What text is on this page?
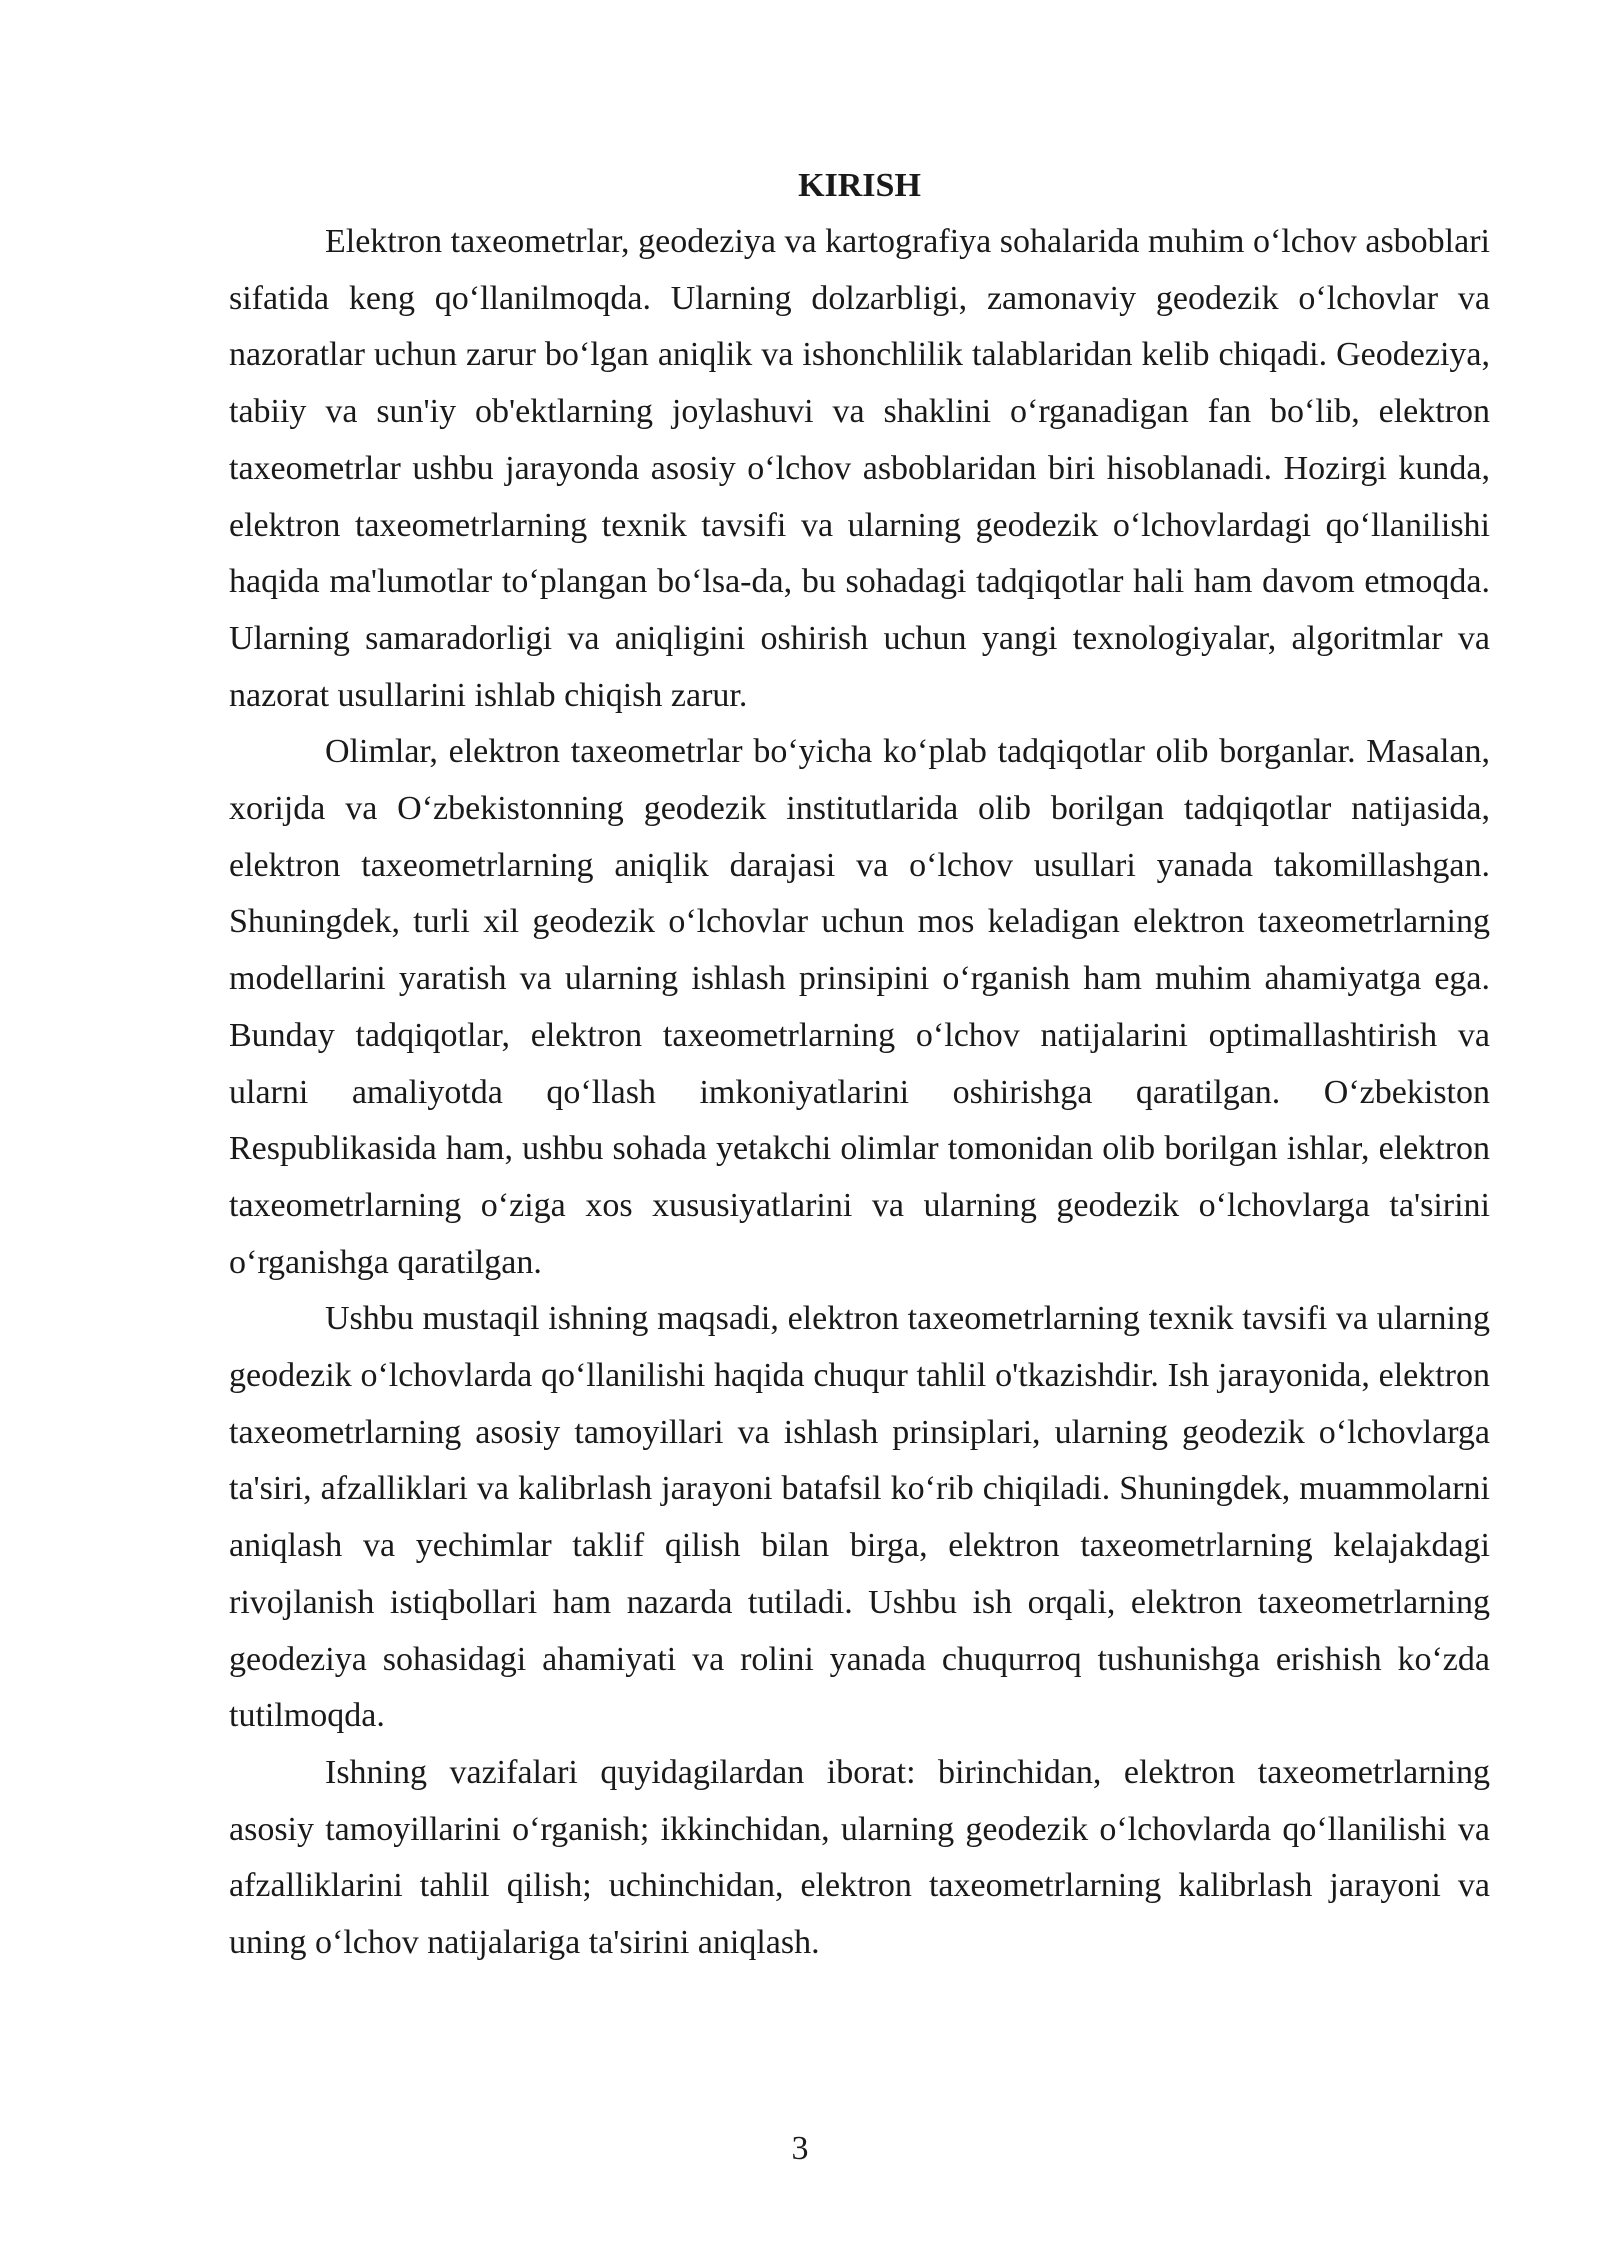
KIRISH

Elektron taxeometrlar, geodeziya va kartografiya sohalarida muhim o‘lchov asboblari sifatida keng qo‘llanilmoqda. Ularning dolzarbligi, zamonaviy geodezik o‘lchovlar va nazoratlar uchun zarur bo‘lgan aniqlik va ishonchlilik talablaridan kelib chiqadi. Geodeziya, tabiiy va sun'iy ob'ektlarning joylashuvi va shaklini o‘rganadigan fan bo‘lib, elektron taxeometrlar ushbu jarayonda asosiy o‘lchov asboblaridan biri hisoblanadi. Hozirgi kunda, elektron taxeometrlarning texnik tavsifi va ularning geodezik o‘lchovlardagi qo‘llanilishi haqida ma'lumotlar to‘plangan bo‘lsa-da, bu sohadagi tadqiqotlar hali ham davom etmoqda. Ularning samaradorligi va aniqligini oshirish uchun yangi texnologiyalar, algoritmlar va nazorat usullarini ishlab chiqish zarur.

Olimlar, elektron taxeometrlar bo‘yicha ko‘plab tadqiqotlar olib borganlar. Masalan, xorijda va O‘zbekistonning geodezik institutlarida olib borilgan tadqiqotlar natijasida, elektron taxeometrlarning aniqlik darajasi va o‘lchov usullari yanada takomillashgan. Shuningdek, turli xil geodezik o‘lchovlar uchun mos keladigan elektron taxeometrlarning modellarini yaratish va ularning ishlash prinsipini o‘rganish ham muhim ahamiyatga ega. Bunday tadqiqotlar, elektron taxeometrlarning o‘lchov natijalarini optimallashtirish va ularni amaliyotda qo‘llash imkoniyatlarini oshirishga qaratilgan. O‘zbekiston Respublikasida ham, ushbu sohada yetakchi olimlar tomonidan olib borilgan ishlar, elektron taxeometrlarning o‘ziga xos xususiyatlarini va ularning geodezik o‘lchovlarga ta'sirini o‘rganishga qaratilgan.

Ushbu mustaqil ishning maqsadi, elektron taxeometrlarning texnik tavsifi va ularning geodezik o‘lchovlarda qo‘llanilishi haqida chuqur tahlil o'tkazishdir. Ish jarayonida, elektron taxeometrlarning asosiy tamoyillari va ishlash prinsiplari, ularning geodezik o‘lchovlarga ta'siri, afzalliklari va kalibrlash jarayoni batafsil ko‘rib chiqiladi. Shuningdek, muammolarni aniqlash va yechimlar taklif qilish bilan birga, elektron taxeometrlarning kelajakdagi rivojlanish istiqbollari ham nazarda tutiladi. Ushbu ish orqali, elektron taxeometrlarning geodeziya sohasidagi ahamiyati va rolini yanada chuqurroq tushunishga erishish ko‘zda tutilmoqda.

Ishning vazifalari quyidagilardan iborat: birinchidan, elektron taxeometrlarning asosiy tamoyillarini o‘rganish; ikkinchidan, ularning geodezik o‘lchovlarda qo‘llanilishi va afzalliklarini tahlil qilish; uchinchidan, elektron taxeometrlarning kalibrlash jarayoni va uning o‘lchov natijalariga ta'sirini aniqlash.

3
